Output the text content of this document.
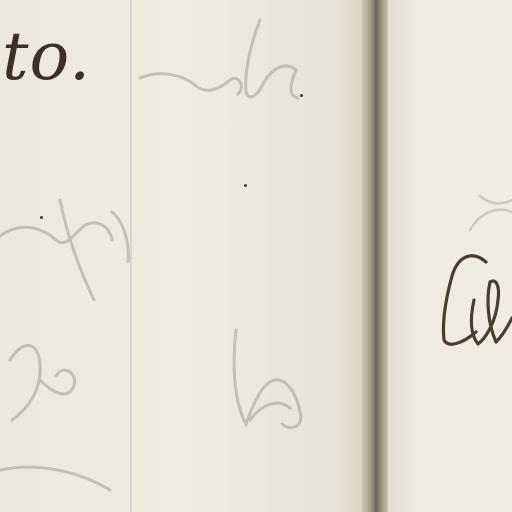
to.
